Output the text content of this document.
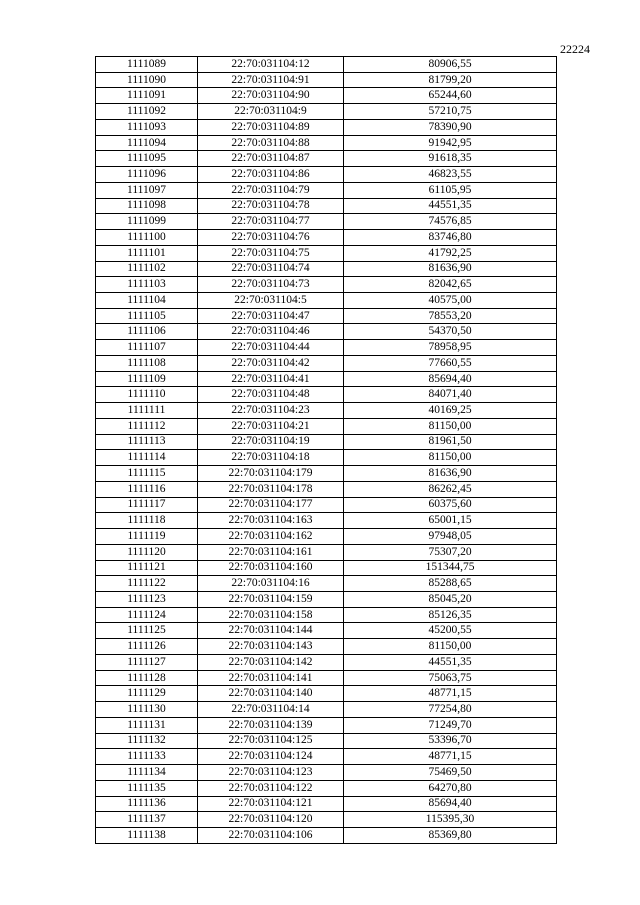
22224
1111089	22:70:031104:12	80906,55
1111090	22:70:031104:91	81799,20
1111091	22:70:031104:90	65244,60
1111092	22:70:031104:9	57210,75
1111093	22:70:031104:89	78390,90
1111094	22:70:031104:88	91942,95
1111095	22:70:031104:87	91618,35
1111096	22:70:031104:86	46823,55
1111097	22:70:031104:79	61105,95
1111098	22:70:031104:78	44551,35
1111099	22:70:031104:77	74576,85
1111100	22:70:031104:76	83746,80
1111101	22:70:031104:75	41792,25
1111102	22:70:031104:74	81636,90
1111103	22:70:031104:73	82042,65
1111104	22:70:031104:5	40575,00
1111105	22:70:031104:47	78553,20
1111106	22:70:031104:46	54370,50
1111107	22:70:031104:44	78958,95
1111108	22:70:031104:42	77660,55
1111109	22:70:031104:41	85694,40
1111110	22:70:031104:48	84071,40
1111111	22:70:031104:23	40169,25
1111112	22:70:031104:21	81150,00
1111113	22:70:031104:19	81961,50
1111114	22:70:031104:18	81150,00
1111115	22:70:031104:179	81636,90
1111116	22:70:031104:178	86262,45
1111117	22:70:031104:177	60375,60
1111118	22:70:031104:163	65001,15
1111119	22:70:031104:162	97948,05
1111120	22:70:031104:161	75307,20
1111121	22:70:031104:160	151344,75
1111122	22:70:031104:16	85288,65
1111123	22:70:031104:159	85045,20
1111124	22:70:031104:158	85126,35
1111125	22:70:031104:144	45200,55
1111126	22:70:031104:143	81150,00
1111127	22:70:031104:142	44551,35
1111128	22:70:031104:141	75063,75
1111129	22:70:031104:140	48771,15
1111130	22:70:031104:14	77254,80
1111131	22:70:031104:139	71249,70
1111132	22:70:031104:125	53396,70
1111133	22:70:031104:124	48771,15
1111134	22:70:031104:123	75469,50
1111135	22:70:031104:122	64270,80
1111136	22:70:031104:121	85694,40
1111137	22:70:031104:120	115395,30
1111138	22:70:031104:106	85369,80
